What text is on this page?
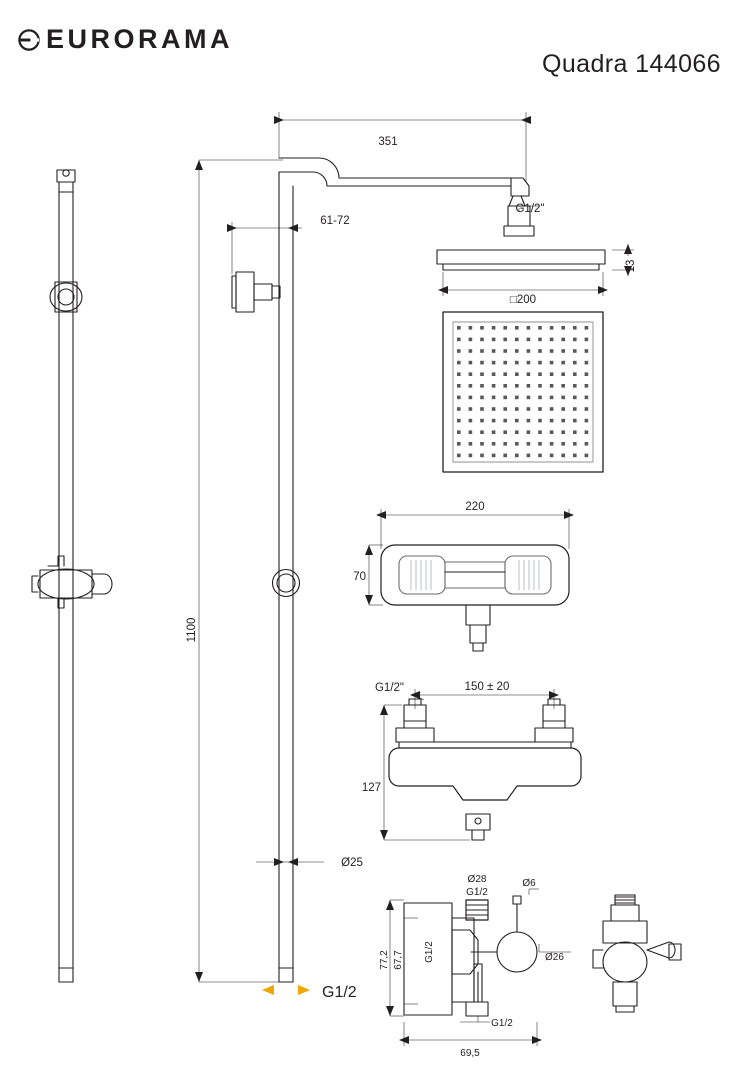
EURORAMA
Quadra 144066
351
61-72
G1/2"
13
□200
1100
220
70
150 ± 20
G1/2"
127
Ø25
G1/2
Ø28
G1/2
Ø6
Ø26
77,2 67,7 G1/2
G1/2
69,5
